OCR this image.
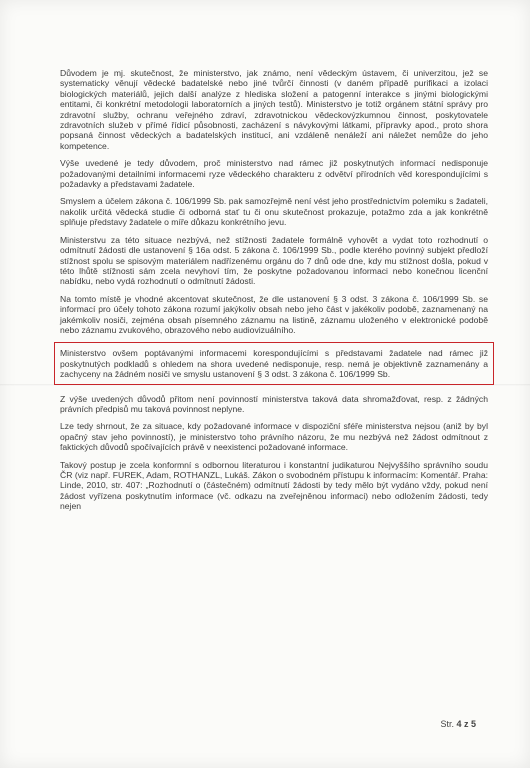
Důvodem je mj. skutečnost, že ministerstvo, jak známo, není vědeckým ústavem, či univerzitou, jež se systematicky věnují vědecké badatelské nebo jiné tvůrčí činnosti (v daném případě purifikaci a izolaci biologických materiálů, jejich další analýze z hlediska složení a patogenní interakce s jinými biologickými entitami, či konkrétní metodologii laboratorních a jiných testů). Ministerstvo je totiž orgánem státní správy pro zdravotní služby, ochranu veřejného zdraví, zdravotnickou vědeckovýzkumnou činnost, poskytovatele zdravotních služeb v přímé řídicí působnosti, zacházení s návykovými látkami, přípravky apod., proto shora popsaná činnost vědeckých a badatelských institucí, ani vzdáleně nenáleží ani náležet nemůže do jeho kompetence.

Výše uvedené je tedy důvodem, proč ministerstvo nad rámec již poskytnutých informací nedisponuje požadovanými detailními informacemi ryze vědeckého charakteru z odvětví přírodních věd korespondujícími s požadavky a představami žadatele.

Smyslem a účelem zákona č. 106/1999 Sb. pak samozřejmě není vést jeho prostřednictvím polemiku s žadateli, nakolik určitá vědecká studie či odborná stať tu či onu skutečnost prokazuje, potažmo zda a jak konkrétně splňuje představy žadatele o míře důkazu konkrétního jevu.

Ministerstvu za této situace nezbývá, než stížnosti žadatele formálně vyhovět a vydat toto rozhodnutí o odmítnutí žádosti dle ustanovení § 16a odst. 5 zákona č. 106/1999 Sb., podle kterého povinný subjekt předloží stížnost spolu se spisovým materiálem nadřízenému orgánu do 7 dnů ode dne, kdy mu stížnost došla, pokud v této lhůtě stížnosti sám zcela nevyhoví tím, že poskytne požadovanou informaci nebo konečnou licenční nabídku, nebo vydá rozhodnutí o odmítnutí žádosti.

Na tomto místě je vhodné akcentovat skutečnost, že dle ustanovení § 3 odst. 3 zákona č. 106/1999 Sb. se informací pro účely tohoto zákona rozumí jakýkoliv obsah nebo jeho část v jakékoliv podobě, zaznamenaný na jakémkoliv nosiči, zejména obsah písemného záznamu na listině, záznamu uloženého v elektronické podobě nebo záznamu zvukového, obrazového nebo audiovizuálního.

Ministerstvo ovšem poptávanými informacemi korespondujícími s představami žadatele nad rámec již poskytnutých podkladů s ohledem na shora uvedené nedisponuje, resp. nemá je objektivně zaznamenány a zachyceny na žádném nosiči ve smyslu ustanovení § 3 odst. 3 zákona č. 106/1999 Sb.

Z výše uvedených důvodů přitom není povinností ministerstva taková data shromažďovat, resp. z žádných právních předpisů mu taková povinnost neplyne.

Lze tedy shrnout, že za situace, kdy požadované informace v dispoziční sféře ministerstva nejsou (aniž by byl opačný stav jeho povinností), je ministerstvo toho právního názoru, že mu nezbývá než žádost odmítnout z faktických důvodů spočívajících právě v neexistenci požadované informace.

Takový postup je zcela konformní s odbornou literaturou i konstantní judikaturou Nejvyššího správního soudu ČR (viz např. FUREK, Adam, ROTHANZL, Lukáš. Zákon o svobodném přístupu k informacím: Komentář. Praha: Linde, 2010, str. 407: „Rozhodnutí o (částečném) odmítnutí žádosti by tedy mělo být vydáno vždy, pokud není žádost vyřízena poskytnutím informace (vč. odkazu na zveřejněnou informaci) nebo odložením žádosti, tedy nejen

Str. 4 z 5
